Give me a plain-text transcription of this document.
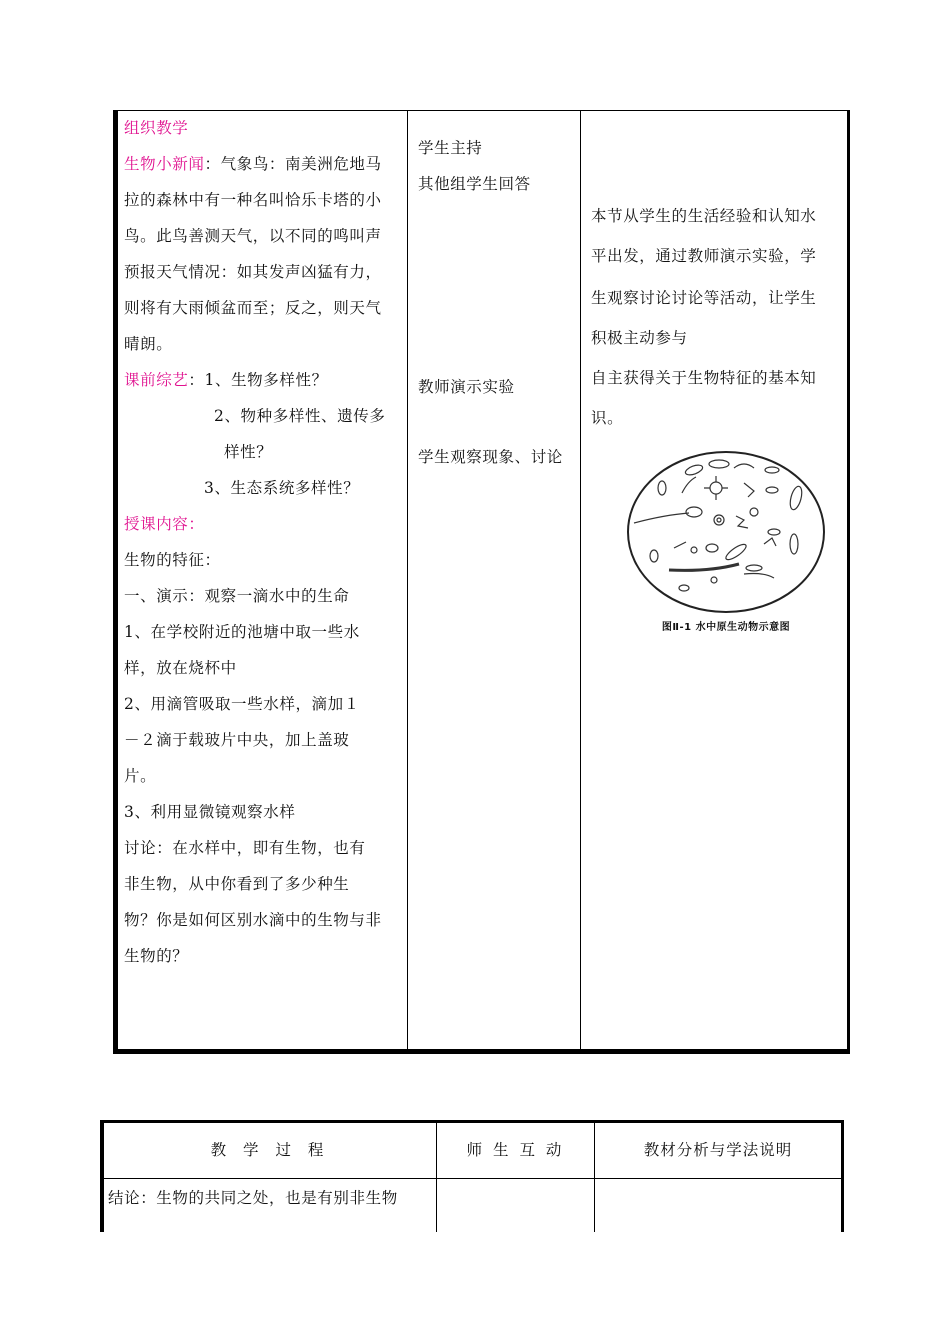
组织教学
生物小新闻：气象鸟：南美洲危地马
拉的森林中有一种名叫恰乐卡塔的小
鸟。此鸟善测天气，以不同的鸣叫声
预报天气情况：如其发声凶猛有力，
则将有大雨倾盆而至；反之，则天气
晴朗。
课前综艺：1、生物多样性？
2、物种多样性、遗传多
样性？
3、生态系统多样性？
授课内容：
生物的特征：
一、演示：观察一滴水中的生命
1、在学校附近的池塘中取一些水
样，放在烧杯中
2、用滴管吸取一些水样，滴加１
－２滴于载玻片中央，加上盖玻
片。
3、利用显微镜观察水样
讨论：在水样中，即有生物，也有
非生物，从中你看到了多少种生
物？你是如何区别水滴中的生物与非
生物的？
学生主持
其他组学生回答
教师演示实验
学生观察现象、讨论
本节从学生的生活经验和认知水
平出发，通过教师演示实验，学
生观察讨论讨论等活动，让学生
积极主动参与
自主获得关于生物特征的基本知
识。
图Ⅱ-1 水中原生动物示意图
教 学 过 程	师 生 互 动	教材分析与学法说明
结论：生物的共同之处，也是有别非生物
